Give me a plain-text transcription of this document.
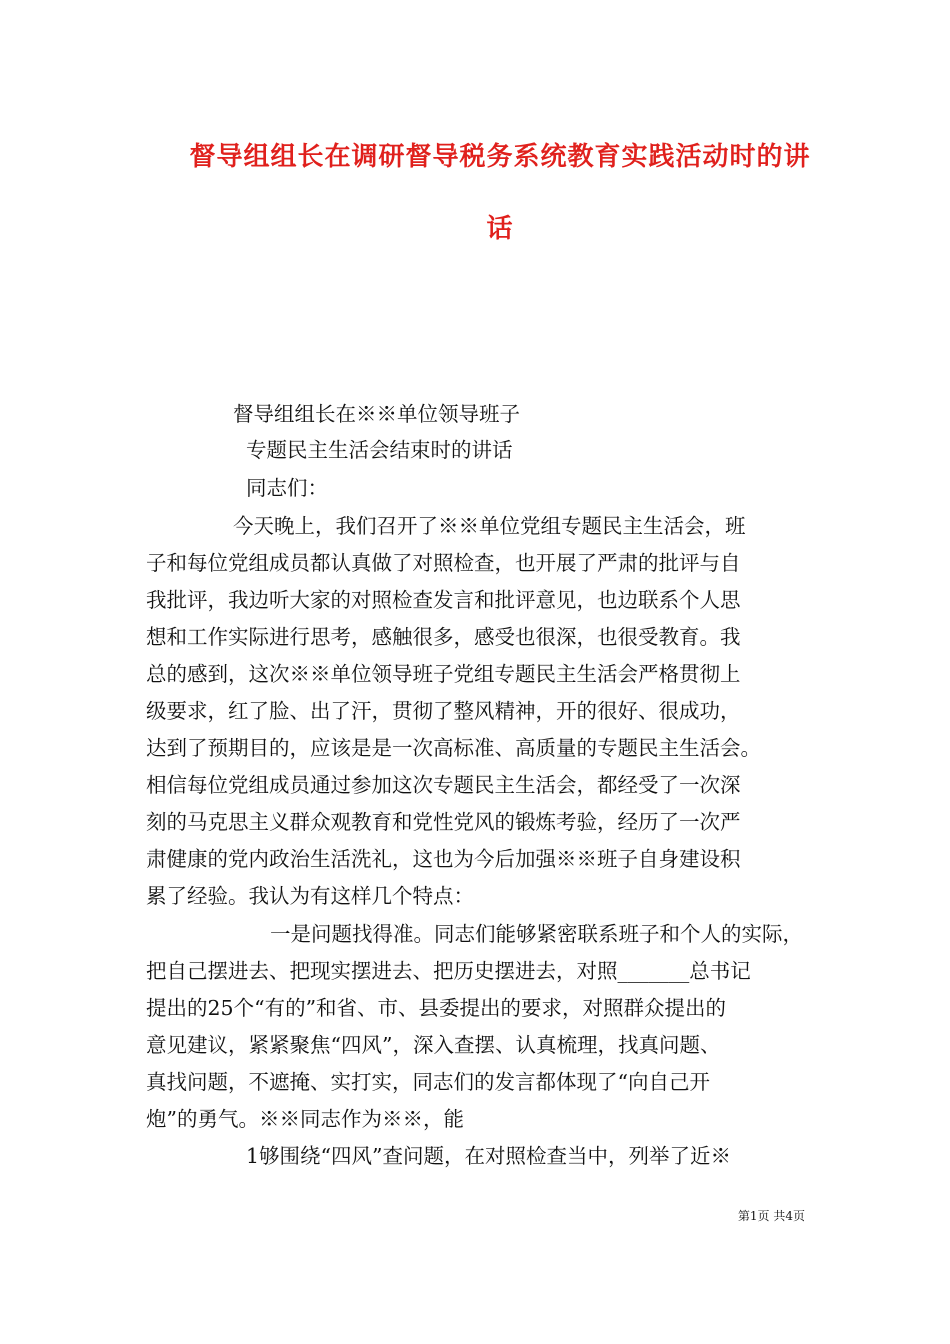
督导组组长在调研督导税务系统教育实践活动时的讲
话

督导组组长在※※单位领导班子

专题民主生活会结束时的讲话

同志们：

今天晚上，我们召开了※※单位党组专题民主生活会，班

子和每位党组成员都认真做了对照检查，也开展了严肃的批评与自

我批评，我边听大家的对照检查发言和批评意见，也边联系个人思

想和工作实际进行思考，感触很多，感受也很深，也很受教育。我

总的感到，这次※※单位领导班子党组专题民主生活会严格贯彻上

级要求，红了脸、出了汗，贯彻了整风精神，开的很好、很成功，

达到了预期目的，应该是是一次高标准、高质量的专题民主生活会。

相信每位党组成员通过参加这次专题民主生活会，都经受了一次深

刻的马克思主义群众观教育和党性党风的锻炼考验，经历了一次严

肃健康的党内政治生活洗礼，这也为今后加强※※班子自身建设积

累了经验。我认为有这样几个特点：

一是问题找得准。同志们能够紧密联系班子和个人的实际，

把自己摆进去、把现实摆进去、把历史摆进去，对照_______总书记

提出的25个“有的”和省、市、县委提出的要求，对照群众提出的

意见建议，紧紧聚焦“四风”，深入查摆、认真梳理，找真问题、

真找问题，不遮掩、实打实，同志们的发言都体现了“向自己开

炮”的勇气。※※同志作为※※，能

1够围绕“四风”查问题，在对照检查当中，列举了近※

第1页 共4页
